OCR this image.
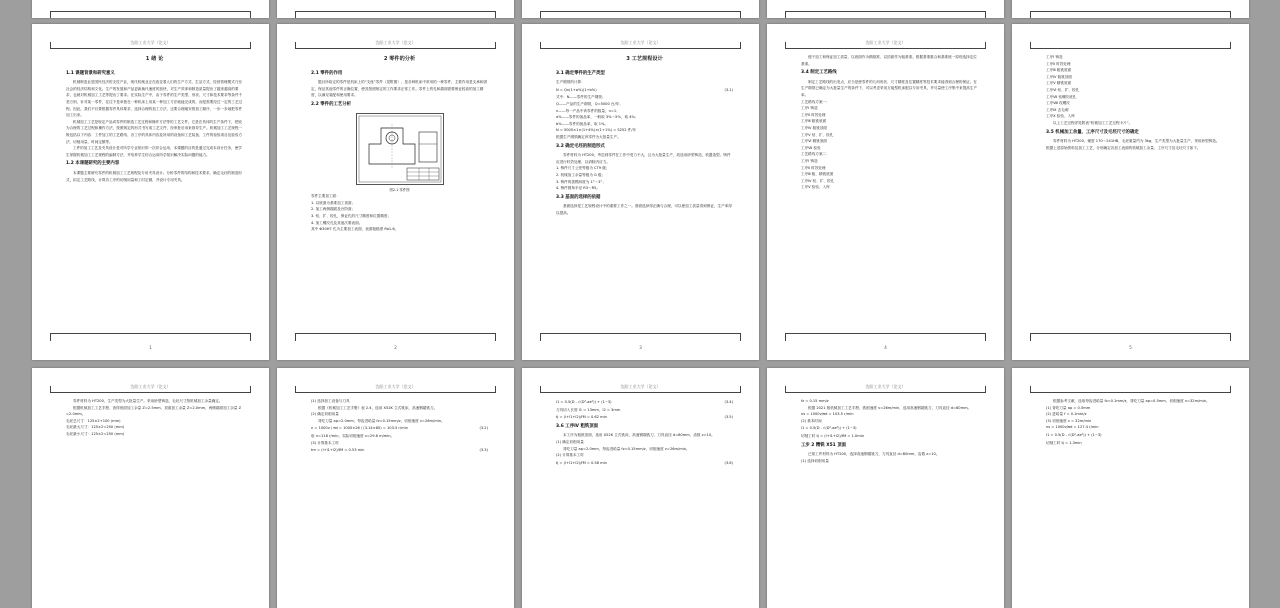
沈阳工业大学（论文）
1 绪 论
1.1 课题背景和研究意义

机械制造业是国民经济的支柱产业，现代机械业正在改变着人们的生产方式、生活方式，经营管理模式乃至社会的经济结构和文化。生产的发展和产品更新换代速度的加快，对生产效率和制造质量提出了越来越高的要求，也就对机械加工工艺等提出了要求。在实际生产中，由于零件的生产类型、形状、尺寸和技术要求等条件千差万别，针对某一零件，往往不是单独在一种机床上用某一种加工方法就能完成的，而是需要经过一定的工艺过程。因此，我们不仅要根据零件具体要求，选择合理的加工方法，还要合理地安排加工顺序，一步一步地把零件加工出来。

机械加工工艺是规定产品或零件的制造工艺过程和操作方法等的工艺文件。它是在具体的生产条件下，把较为合理的工艺过程和操作方法，按照规定的形式书写成工艺文件，经审批后用来指导生产。机械加工工艺规程一般包括以下内容：工件加工的工艺路线、各工序的具体内容及所用的设备和工艺装备、工件的检验项目及检验方法、切削用量、时间定额等。

工件的加工工艺及夹具设计是对所学专业知识的一次综合运用，本课题的目的是通过完成本设计任务，使学生掌握机械加工工艺规程的编制方法，并培养学生综合运用所学知识解决实际问题的能力。

1.2 本课题研究的主要内容

本课题主要研究零件的机械加工工艺规程及专用夹具设计。分析零件的结构和技术要求，确定毛坯的制造形式，拟定工艺路线，计算各工序的切削用量和工时定额，并设计专用夹具。

1
沈阳工业大学（论文）
2 零件的分析
2.1 零件的作用

题目所给定的零件是机床上的“支座”零件（见附图），是各种机床中常用的一种零件，主要作用是支承和固定，保证其他零件的正确位置，使其按照规定的工作要求正常工作。零件上的孔和端面需要保证较高的加工精度，以满足装配和使用要求。

2.2 零件的工艺分析
图2.1 零件图

零件主要加工面：

1. 以底面为基准加工顶面；

2. 加工两侧端面及台阶面；

3. 钻、扩、铰孔，保证孔的尺寸精度和位置精度；

4. 加工螺纹孔及其他次要表面。

其中 Φ30H7 孔为主要加工表面，表面粗糙度 Ra1.6。

2
沈阳工业大学（论文）
3 工艺规程设计
3.1 确定零件的生产类型

生产纲领的计算：

N = Qn(1+a%)(1+b%)	(3.1)

式中：N——零件的生产纲领；

Q——产品的生产纲领，Q=5000 台/年；

n——每一产品中该零件的数量，n=1；

a%——零件的备品率，一般取 3%～5%，取 4%；

b%——零件的废品率，取 1%。

N = 5000×1×(1+4%)×(1+1%) = 5252 件/年

根据生产纲领确定该零件为大批量生产。

3.2 确定毛坯的制造形式

零件材料为 HT200，考虑到零件在工作中受力不大，且为大批量生产，故选用砂型铸造，机器造型。铸件应进行时效处理，以消除内应力。

1. 铸件尺寸公差等级为 CT9 级；

2. 机械加工余量等级为 G 级；

3. 铸件的拔模斜度为 1°～3°；

4. 铸件圆角半径 R3～R5。

3.3 基面的选择的依据

基面选择是工艺规程设计中的重要工作之一。基面选择得正确与合理，可以使加工质量得到保证，生产率得以提高。

3
沈阳工业大学（论文）

便于加工和保证加工质量，以底面作为精基准，以顶面作为粗基准。根据基准重合和基准统一原则选择定位基准。

3.4 制定工艺路线

制定工艺路线的出发点，应当是使零件的几何形状、尺寸精度及位置精度等技术要求能得到合理的保证。在生产纲领已确定为大批量生产的条件下，可以考虑采用万能型机床配以专用夹具，并尽量使工序集中来提高生产率。

工艺路线方案一：

工序Ⅰ 铸造

工序Ⅱ 时效处理

工序Ⅲ 粗铣底面

工序Ⅳ 粗铣顶面

工序Ⅴ 钻、扩、铰孔

工序Ⅵ 精铣底面

工序Ⅶ 检验

工艺路线方案二：

工序Ⅰ 铸造

工序Ⅱ 时效处理

工序Ⅲ 粗、精铣底面

工序Ⅳ 钻、扩、铰孔

工序Ⅴ 检验、入库

4

工序Ⅰ 铸造

工序Ⅱ 时效处理

工序Ⅲ 粗铣底面

工序Ⅳ 粗铣顶面

工序Ⅴ 精铣底面

工序Ⅵ 钻、扩、铰孔

工序Ⅶ 钻螺纹底孔

工序Ⅷ 攻螺纹

工序Ⅸ 去毛刺

工序Ⅹ 检验、入库

以上工艺过程详见附表“机械加工工艺过程卡片”。

3.5 机械加工余量、工序尺寸及毛坯尺寸的确定

零件材料为 HT200，硬度 170～241HB，毛坯重量约为 3kg，生产类型为大批量生产，采用砂型铸造。根据上述原始资料及加工工艺，分别确定各加工表面的机械加工余量、工序尺寸及毛坯尺寸如下。

5
沈阳工业大学（论文）

零件材料为 HT200，生产类型为大批量生产。采用砂型铸造，毛坯尺寸按机械加工余量确定。

根据机械加工工艺手册，查得底面加工余量 Z=2.5mm，顶面加工余量 Z=2.0mm，两侧端面加工余量 Z=2.0mm。

毛坯总尺寸：125×2+100 (mm)

毛坯最大尺寸：125×2=250 (mm)

毛坯最小尺寸：125×2=250 (mm)

沈阳工业大学（论文）

(1) 选择加工设备与刀具

根据《机械加工工艺手册》表 2.4，选用 X52K 立式铣床，高速钢端铣刀。

(2) 确定切削用量

背吃刀量 ap=2.0mm，每齿进给量 fz=0.15mm/z，切削速度 v=26m/min。

n = 1000v / πd = 1000×26 / (3.14×80) = 103.5 r/min	(3.2)

取 n=118 r/min，实际切削速度 v=29.6 m/min。

(3) 计算基本工时

tm = (l+l1+l2)/fM = 0.53 min	(3.3)
沈阳工业大学（论文）
l1 = 0.5(D - √(D²-ae²)) + (1~3)	(3.4)

刀具切入长度 l1 = 13mm，l2 = 3mm

tj = (l+l1+l2)/fM = 0.62 min	(3.5)
3.6 工序Ⅳ 粗铣顶面

本工序为粗铣顶面，选用 X52K 立式铣床，高速钢端铣刀，刀具直径 d=80mm，齿数 z=10。

(1) 确定切削用量

背吃刀量 ap=2.0mm，每齿进给量 fz=0.15mm/z，切削速度 v=26m/min。

(2) 计算基本工时

tj = (l+l1+l2)/fM = 0.58 min	(3.6)
沈阳工业大学（论文）

fz = 0.15 mm/z

根据 2021 版机械加工工艺手册，铣削速度 v=26m/min，选用高速钢端铣刀，刀具直径 d=80mm。

ns = 1000v/πd = 103.5 r/min

(2) 基本时间

l1 = 0.5(D - √(D²-ae²)) + (1~3)

切削工时 tj = (l+l1+l2)/fM = 1.0min

工步 2 精铣 X51 顶面

已知工件材料为 HT200，选择高速钢端铣刀，刀具直径 d=80mm，齿数 z=10。

(1) 选择切削用量

根据参考文献，选取每齿进给量 fz=0.1mm/z，背吃刀量 ap=0.5mm，切削速度 v=32m/min。

(1) 背吃刀量 ap = 0.5mm

(2) 进给量 f = 0.1mm/z

(3) 切削速度 v = 32m/min

ns = 1000v/πd = 127.4 r/min

l1 = 0.5(D - √(D²-ae²)) + (1~3)

切削工时 tj = 1.3min
